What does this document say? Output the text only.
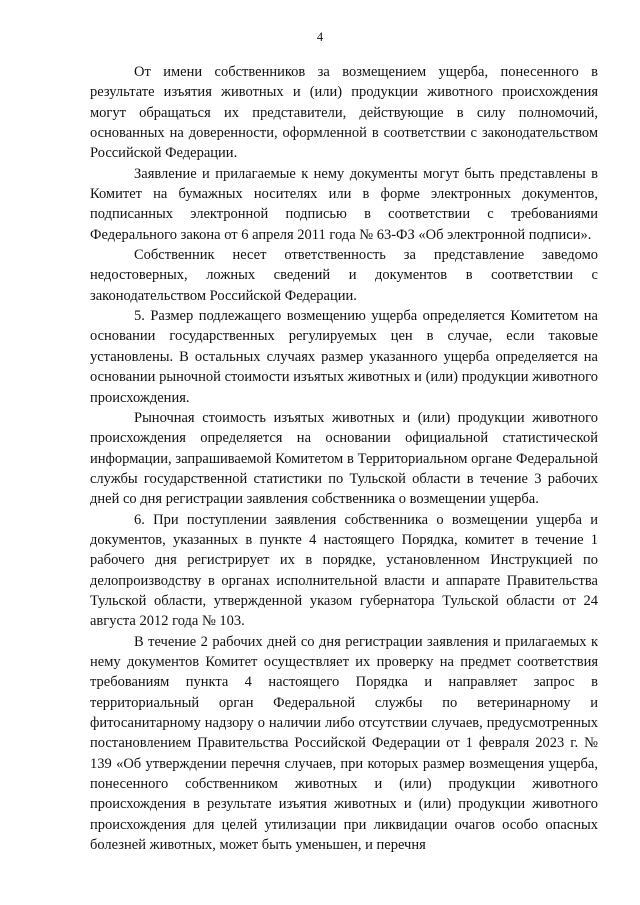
4

От имени собственников за возмещением ущерба, понесенного в результате изъятия животных и (или) продукции животного происхождения могут обращаться их представители, действующие в силу полномочий, основанных на доверенности, оформленной в соответствии с законодательством Российской Федерации.

Заявление и прилагаемые к нему документы могут быть представлены в Комитет на бумажных носителях или в форме электронных документов, подписанных электронной подписью в соответствии с требованиями Федерального закона от 6 апреля 2011 года № 63-ФЗ «Об электронной подписи».

Собственник несет ответственность за представление заведомо недостоверных, ложных сведений и документов в соответствии с законодательством Российской Федерации.

5. Размер подлежащего возмещению ущерба определяется Комитетом на основании государственных регулируемых цен в случае, если таковые установлены. В остальных случаях размер указанного ущерба определяется на основании рыночной стоимости изъятых животных и (или) продукции животного происхождения.

Рыночная стоимость изъятых животных и (или) продукции животного происхождения определяется на основании официальной статистической информации, запрашиваемой Комитетом в Территориальном органе Федеральной службы государственной статистики по Тульской области в течение 3 рабочих дней со дня регистрации заявления собственника о возмещении ущерба.

6. При поступлении заявления собственника о возмещении ущерба и документов, указанных в пункте 4 настоящего Порядка, комитет в течение 1 рабочего дня регистрирует их в порядке, установленном Инструкцией по делопроизводству в органах исполнительной власти и аппарате Правительства Тульской области, утвержденной указом губернатора Тульской области от 24 августа 2012 года № 103.

В течение 2 рабочих дней со дня регистрации заявления и прилагаемых к нему документов Комитет осуществляет их проверку на предмет соответствия требованиям пункта 4 настоящего Порядка и направляет запрос в территориальный орган Федеральной службы по ветеринарному и фитосанитарному надзору о наличии либо отсутствии случаев, предусмотренных постановлением Правительства Российской Федерации от 1 февраля 2023 г. № 139 «Об утверждении перечня случаев, при которых размер возмещения ущерба, понесенного собственником животных и (или) продукции животного происхождения в результате изъятия животных и (или) продукции животного происхождения для целей утилизации при ликвидации очагов особо опасных болезней животных, может быть уменьшен, и перечня
